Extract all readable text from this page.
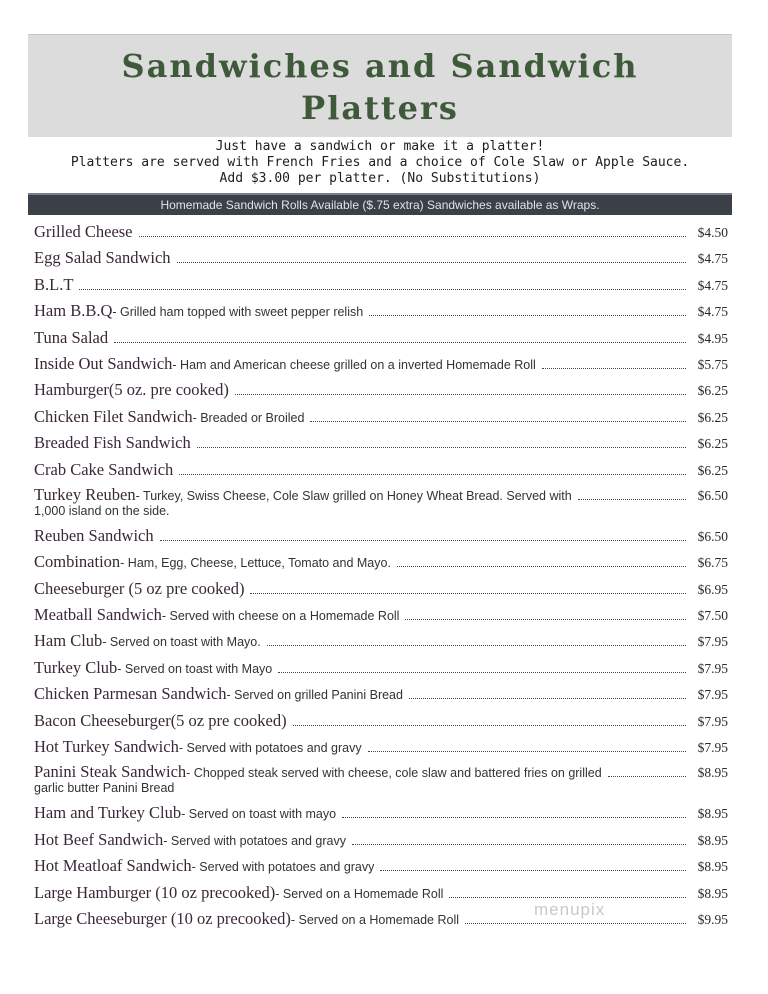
Sandwiches and Sandwich
Platters
Just have a sandwich or make it a platter!
Platters are served with French Fries and a choice of Cole Slaw or Apple Sauce.
Add $3.00 per platter. (No Substitutions)
Homemade Sandwich Rolls Available ($.75 extra) Sandwiches available as Wraps.
Grilled Cheese	$4.50
Egg Salad Sandwich	$4.75
B.L.T	$4.75
Ham B.B.Q - Grilled ham topped with sweet pepper relish	$4.75
Tuna Salad	$4.95
Inside Out Sandwich - Ham and American cheese grilled on a inverted Homemade Roll	$5.75
Hamburger(5 oz. pre cooked)	$6.25
Chicken Filet Sandwich - Breaded or Broiled	$6.25
Breaded Fish Sandwich	$6.25
Crab Cake Sandwich	$6.25
Turkey Reuben - Turkey, Swiss Cheese, Cole Slaw grilled on Honey Wheat Bread. Served with
1,000 island on the side.
$6.50
Reuben Sandwich	$6.50
Combination - Ham, Egg, Cheese, Lettuce, Tomato and Mayo.	$6.75
Cheeseburger (5 oz pre cooked)	$6.95
Meatball Sandwich - Served with cheese on a Homemade Roll	$7.50
Ham Club - Served on toast with Mayo.	$7.95
Turkey Club - Served on toast with Mayo	$7.95
Chicken Parmesan Sandwich - Served on grilled Panini Bread	$7.95
Bacon Cheeseburger(5 oz pre cooked)	$7.95
Hot Turkey Sandwich - Served with potatoes and gravy	$7.95
Panini Steak Sandwich - Chopped steak served with cheese, cole slaw and battered fries on grilled
garlic butter Panini Bread
$8.95
Ham and Turkey Club - Served on toast with mayo	$8.95
Hot Beef Sandwich - Served with potatoes and gravy	$8.95
Hot Meatloaf Sandwich - Served with potatoes and gravy	$8.95
Large Hamburger (10 oz precooked) - Served on a Homemade Roll	$8.95
Large Cheeseburger (10 oz precooked) - Served on a Homemade Roll	$9.95
menupix
